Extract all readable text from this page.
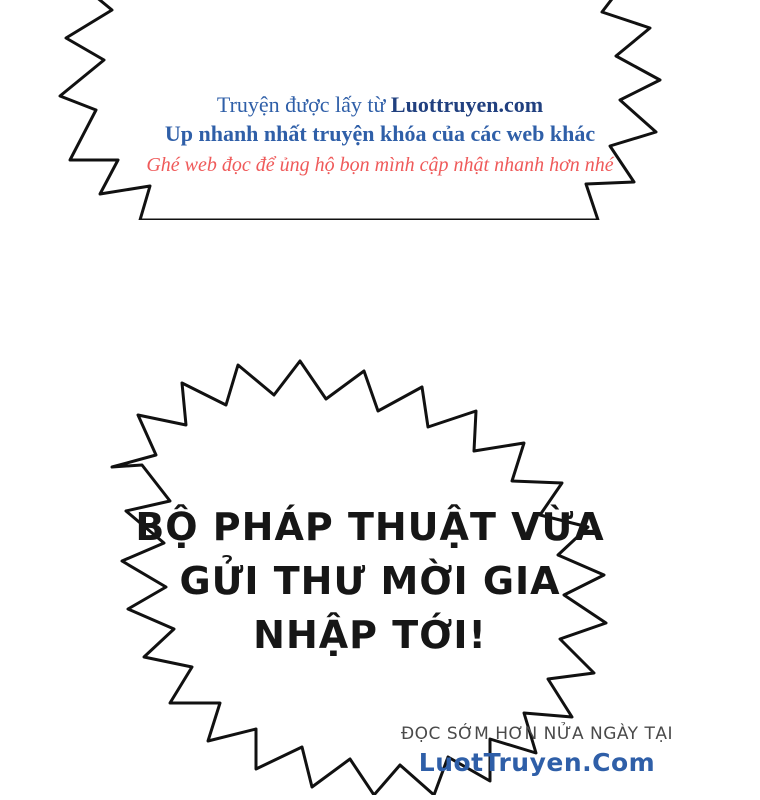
Truyện được lấy từ Luottruyen.com
Up nhanh nhất truyện khóa của các web khác
Ghé web đọc để ủng hộ bọn mình cập nhật nhanh hơn nhé
BỘ PHÁP THUẬT VỪA
GỬI THƯ MỜI GIA
NHẬP TỚI!
ĐỌC SỚM HƠN NỬA NGÀY TẠI
LuotTruyen.Com
